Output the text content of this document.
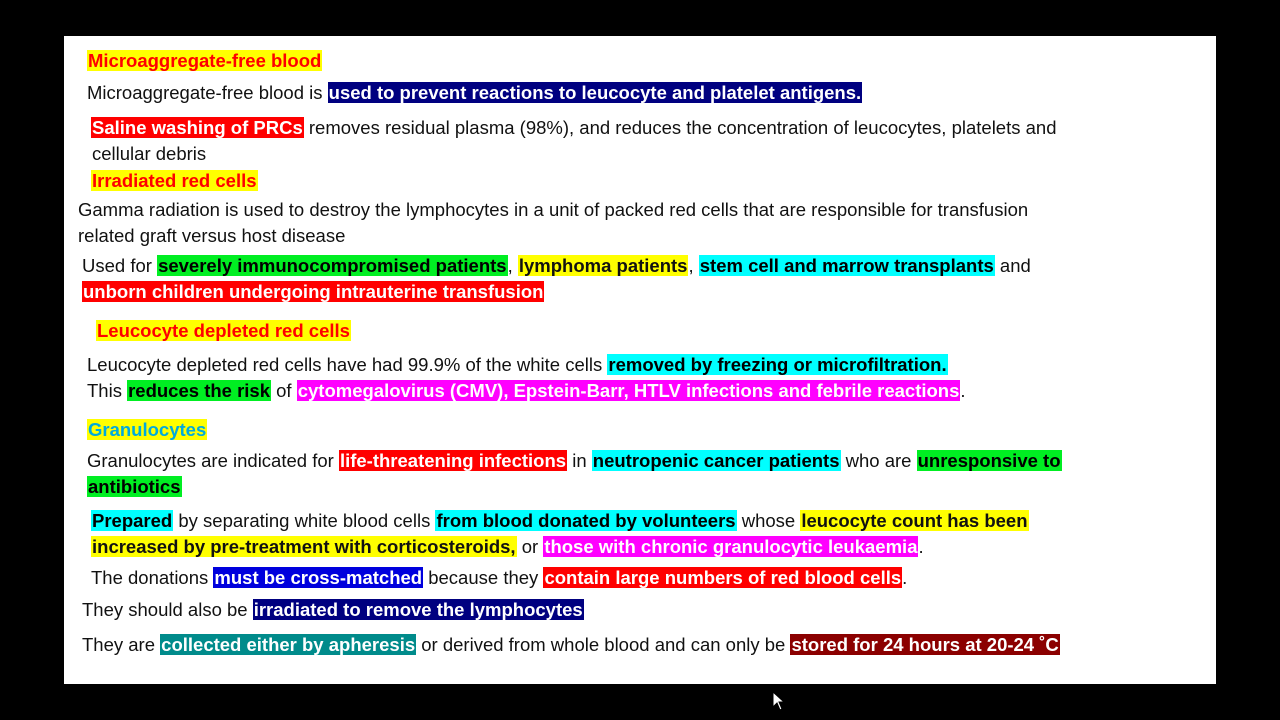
Microaggregate-free blood
Microaggregate-free blood is used to prevent reactions to leucocyte and platelet antigens.
Saline washing of PRCs removes residual plasma (98%), and reduces the concentration of leucocytes, platelets and
cellular debris
Irradiated red cells
Gamma radiation is used to destroy the lymphocytes in a unit of packed red cells that are responsible for transfusion
related graft versus host disease
Used for severely immunocompromised patients, lymphoma patients, stem cell and marrow transplants and
unborn children undergoing intrauterine transfusion
Leucocyte depleted red cells
Leucocyte depleted red cells have had 99.9% of the white cells removed by freezing or microfiltration.
This reduces the risk of cytomegalovirus (CMV), Epstein-Barr, HTLV infections and febrile reactions.
Granulocytes
Granulocytes are indicated for life-threatening infections in neutropenic cancer patients who are unresponsive to
antibiotics
Prepared by separating white blood cells from blood donated by volunteers whose leucocyte count has been
increased by pre-treatment with corticosteroids, or those with chronic granulocytic leukaemia.
The donations must be cross-matched because they contain large numbers of red blood cells.
They should also be irradiated to remove the lymphocytes
They are collected either by apheresis or derived from whole blood and can only be stored for 24 hours at 20-24 ˚C
